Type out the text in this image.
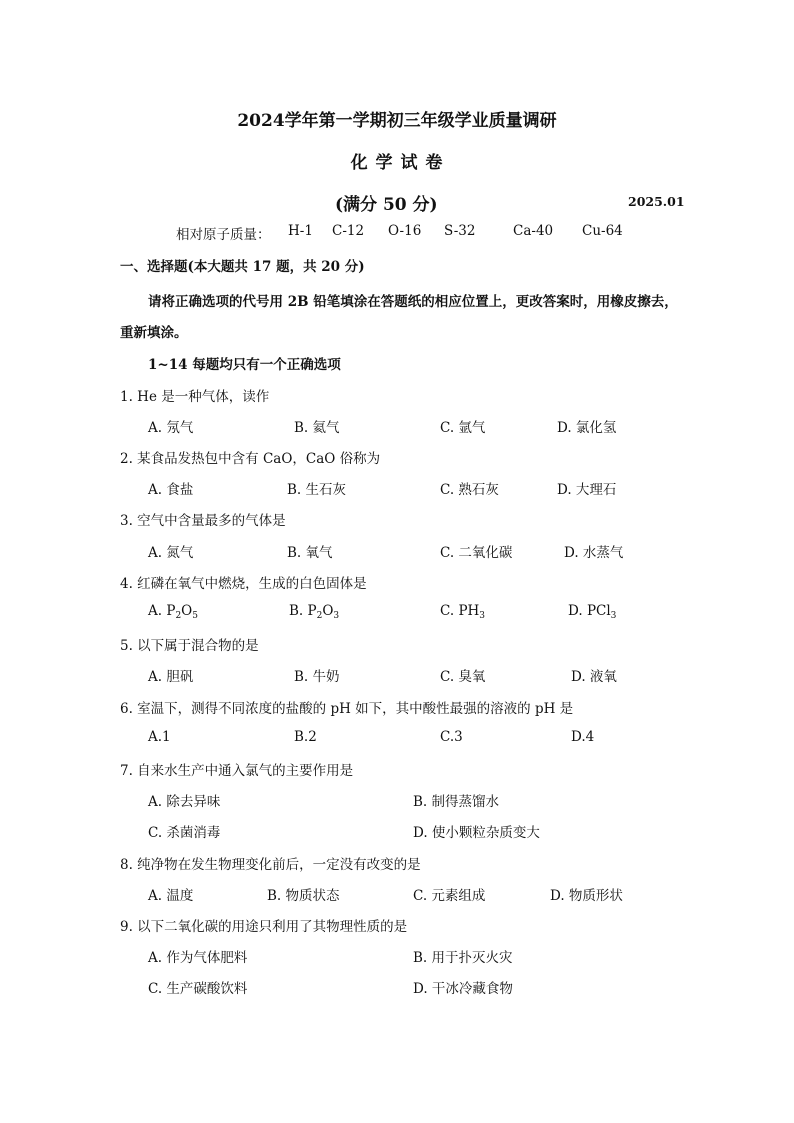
2024学年第一学期初三年级学业质量调研
化 学 试 卷
(满分 50 分)	2025.01
相对原子质量： H-1 C-12 O-16 S-32	Ca-40 Cu-64
一、选择题(本大题共 17 题，共 20 分)
请将正确选项的代号用 2B 铅笔填涂在答题纸的相应位置上，更改答案时，用橡皮擦去，
重新填涂。
1~14 每题均只有一个正确选项
1. He 是一种气体，读作
A. 氖气	B. 氦气	C. 氩气	D. 氯化氢
2. 某食品发热包中含有 CaO，CaO 俗称为
A. 食盐	B. 生石灰	C. 熟石灰	D. 大理石
3. 空气中含量最多的气体是
A. 氮气	B. 氧气	C. 二氧化碳	D. 水蒸气
4. 红磷在氧气中燃烧，生成的白色固体是
A. $P_2O_5$	B. $P_2O_3$	C. $PH_3$	D. PCl$_3$
5. 以下属于混合物的是
A. 胆矾	B. 牛奶	C. 臭氧	D. 液氧
6. 室温下，测得不同浓度的盐酸的 pH 如下，其中酸性最强的溶液的 pH 是
A.1	B.2	C.3	D.4
7. 自来水生产中通入氯气的主要作用是
A. 除去异味	B. 制得蒸馏水
C. 杀菌消毒	D. 使小颗粒杂质变大
8. 纯净物在发生物理变化前后，一定没有改变的是
A. 温度	B. 物质状态	C. 元素组成	D. 物质形状
9. 以下二氧化碳的用途只利用了其物理性质的是
A. 作为气体肥料	B. 用于扑灭火灾
C. 生产碳酸饮料	D. 干冰冷藏食物
